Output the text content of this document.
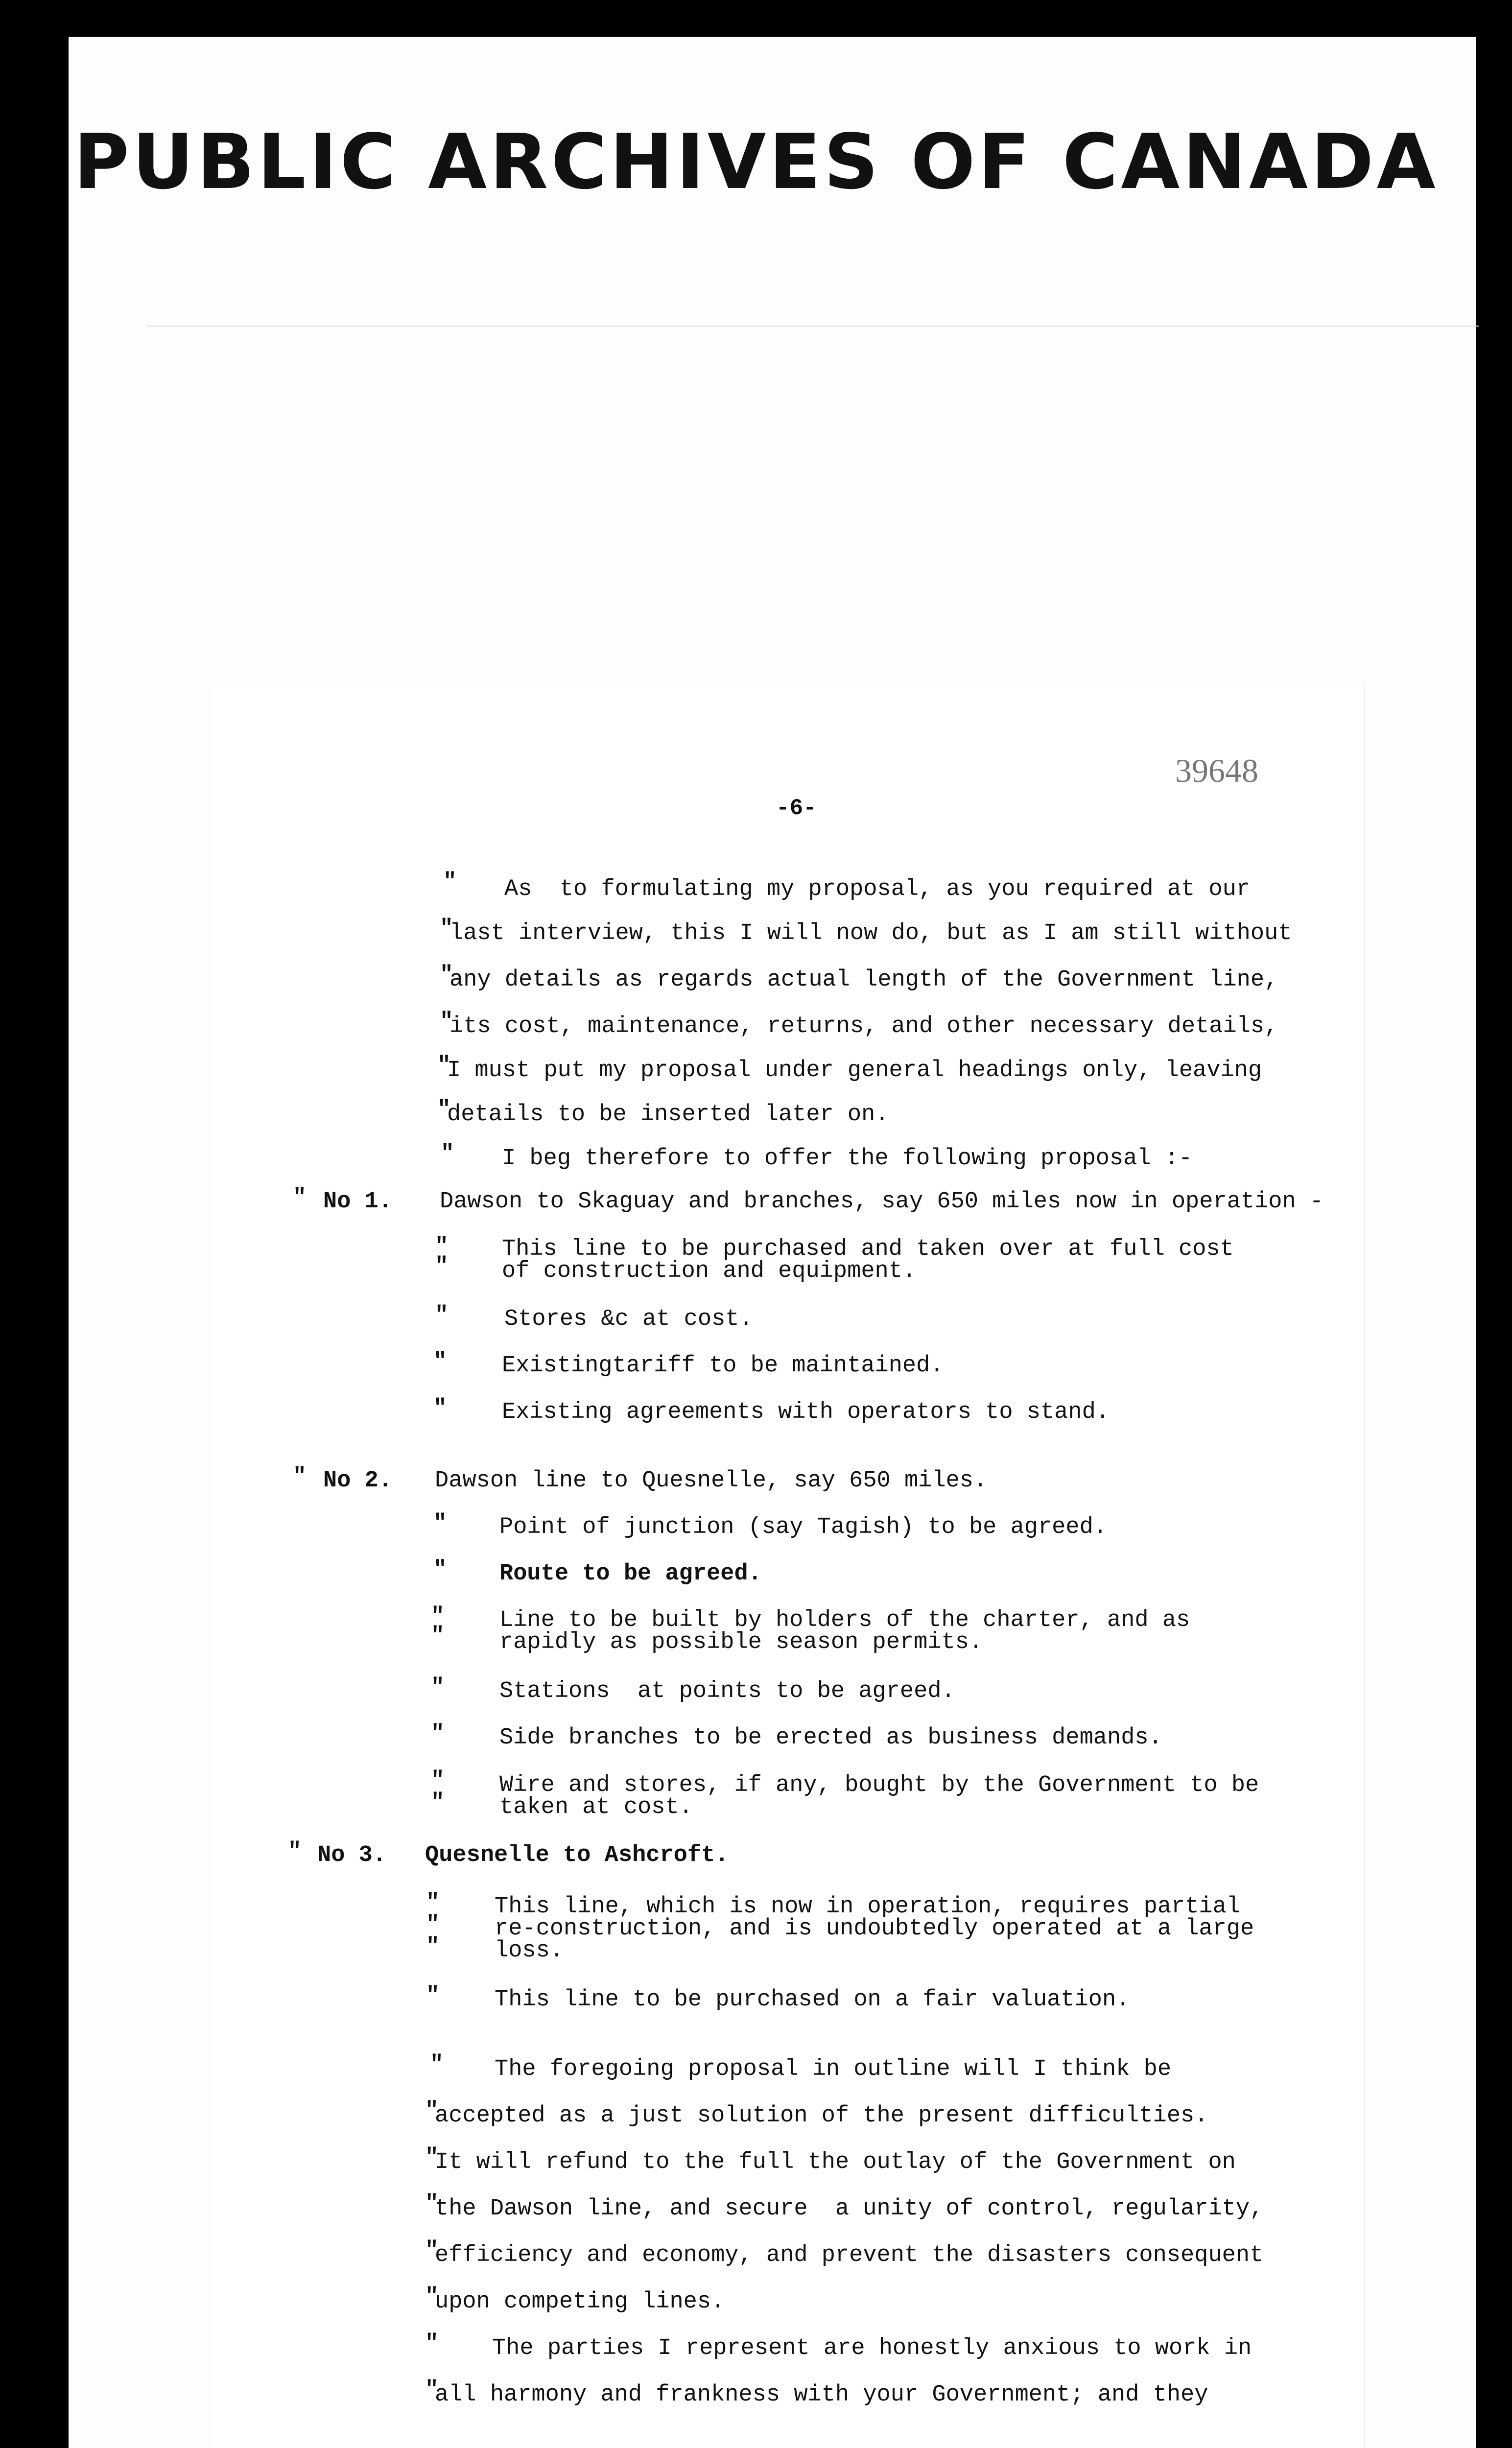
PUBLIC ARCHIVES OF CANADA
39648
-6-
" As  to formulating my proposal, as you required at our
"
last interview, this I will now do, but as I am still without
"
any details as regards actual length of the Government line,
"
its cost, maintenance, returns, and other necessary details,
"
I must put my proposal under general headings only, leaving
"
details to be inserted later on.
" I beg therefore to offer the following proposal :-
" No 1. Dawson to Skaguay and branches, say 650 miles now in operation -
"
"
This line to be purchased and taken over at full cost
of construction and equipment.
" Stores &c at cost.
" Existingtariff to be maintained.
" Existing agreements with operators to stand.
" No 2. Dawson line to Quesnelle, say 650 miles.
" Point of junction (say Tagish) to be agreed.
" Route to be agreed.
"
"
Line to be built by holders of the charter, and as
rapidly as possible season permits.
" Stations  at points to be agreed.
" Side branches to be erected as business demands.
"
"
Wire and stores, if any, bought by the Government to be
taken at cost.
" No 3. Quesnelle to Ashcroft.
"
"
"
This line, which is now in operation, requires partial
re-construction, and is undoubtedly operated at a large
loss.
" This line to be purchased on a fair valuation.
" The foregoing proposal in outline will I think be
"
accepted as a just solution of the present difficulties.
"
It will refund to the full the outlay of the Government on
"
the Dawson line, and secure  a unity of control, regularity,
"
efficiency and economy, and prevent the disasters consequent
"
upon competing lines.
" The parties I represent are honestly anxious to work in
"
all harmony and frankness with your Government; and they
